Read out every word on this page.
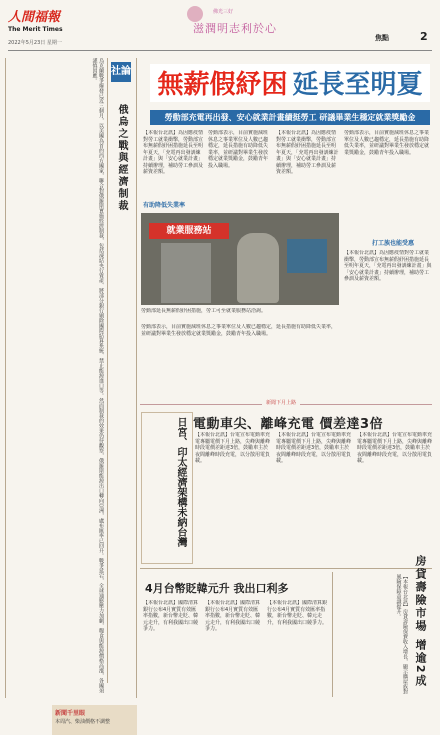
人間福報
The Merit Times
2022年5月23日 星期一
佛光三好
滋潤明志利於心
焦點	2
烏克蘭戰爭爆發已近三個月，以美國為首的西方國家，聯合對俄羅斯實施經濟制裁，包括凍結央行資產、將部分銀行剔除國際結算系統、禁止能源進口等。然而制裁的效果仍待觀察，俄羅斯能源出口轉向亞洲，盧布匯率已回升。戰爭延宕，全球通膨壓力加劇，糧食與能源價格高漲，各國須謹慎因應。	社論
俄烏之戰與經濟制裁
無薪假紓困 延長至明夏
勞動部充電再出發、安心就業計畫續挺勞工 研議畢業生穩定就業獎勵金
【本報台北訊】為因應疫情對勞工就業衝擊，勞動部宣布無薪假紓困措施延長至明年夏天，「充電再出發訓練計畫」與「安心就業計畫」持續辦理，補助勞工參訓及薪資差額。
有助降低失業率
勞動部表示，目前實施減班休息之事業單位及人數已趨穩定，延長措施有助降低失業率，並研議對畢業生發放穩定就業獎勵金，鼓勵青年投入職場。
【本報台北訊】為因應疫情對勞工就業衝擊，勞動部宣布無薪假紓困措施延長至明年夏天，「充電再出發訓練計畫」與「安心就業計畫」持續辦理，補助勞工參訓及薪資差額。
勞動部表示，目前實施減班休息之事業單位及人數已趨穩定，延長措施有助降低失業率，並研議對畢業生發放穩定就業獎勵金，鼓勵青年投入職場。
打工族也能受惠
【本報台北訊】為因應疫情對勞工就業衝擊，勞動部宣布無薪假紓困措施延長至明年夏天，「充電再出發訓練計畫」與「安心就業計畫」持續辦理，補助勞工參訓及薪資差額。
就業服務站
勞動部延長無薪假紓困措施，勞工可至就業服務站洽詢。
勞動部表示，目前實施減班休息之事業單位及人數已趨穩定，延長措施有助降低失業率，並研議對畢業生發放穩定就業獎勵金，鼓勵青年投入職場。
新聞下月上路
日宮、印太經濟架構未納台灣 電動車尖、離峰充電 價差達3倍
【本報台北訊】台電宣布電動車充電專屬電價下月上路，尖峰與離峰時段電價差距達3倍，鼓勵車主於夜間離峰時段充電，以分散用電負載。
【本報台北訊】台電宣布電動車充電專屬電價下月上路，尖峰與離峰時段電價差距達3倍，鼓勵車主於夜間離峰時段充電，以分散用電負載。
【本報台北訊】台電宣布電動車充電專屬電價下月上路，尖峰與離峰時段電價差距達3倍，鼓勵車主於夜間離峰時段充電，以分散用電負載。
4月台幣貶韓元升 我出口利多
【本報台北訊】國際清算銀行公布4月實質有效匯率指數，新台幣走貶、韓元走升，有利我國出口競爭力。
【本報台北訊】國際清算銀行公布4月實質有效匯率指數，新台幣走貶、韓元走升，有利我國出口競爭力。
【本報台北訊】國際清算銀行公布4月實質有效匯率指數，新台幣走貶、韓元走升，有利我國出口競爭力。	【本報台北訊】房貸壽險保費收入增長，顯示購屋族對風險保障意識提升。	房貸壽險市場 增逾2成
新聞千里眼
本周汽、柴油價格不調整
